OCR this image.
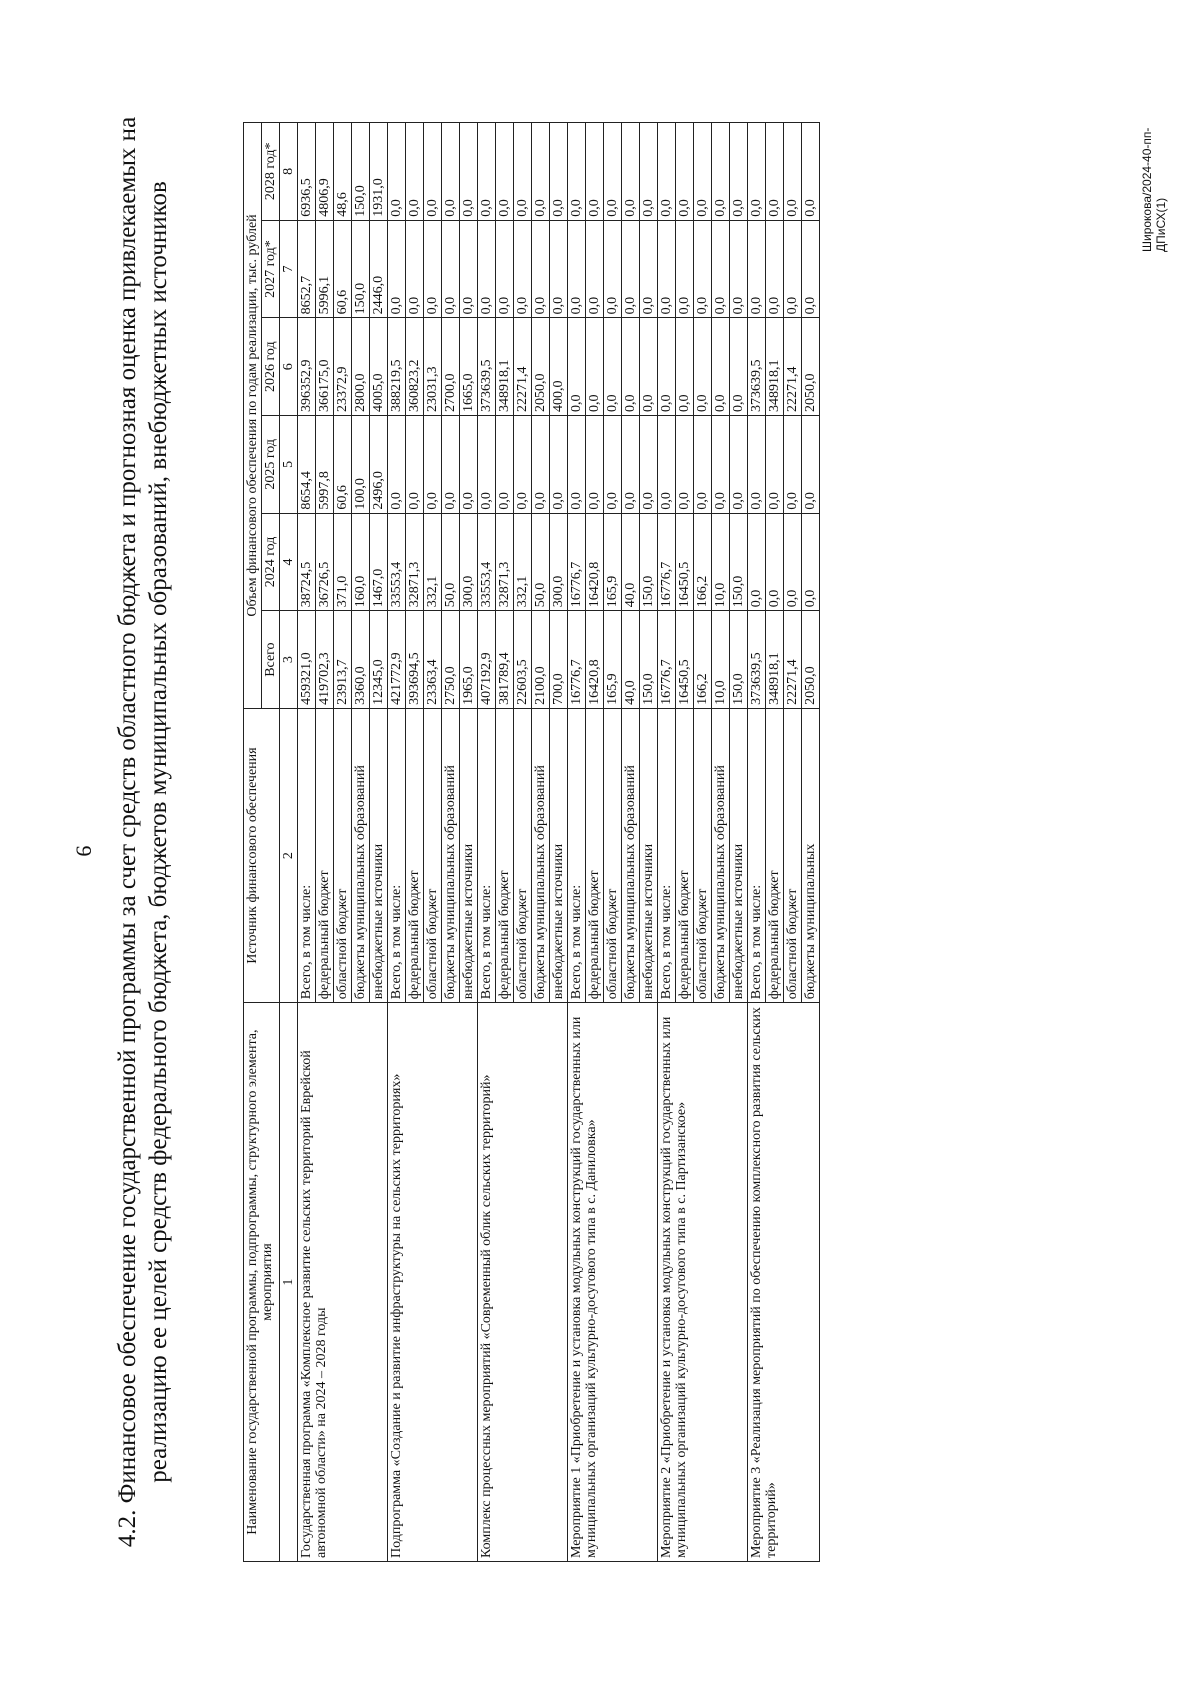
9 4.2. Финансовое обеспечение государственной программы за счет средств областного бюджета и прогнозная оценка привлекаемых на реализацию ее целей средств федерального бюджета, бюджетов муниципальных образований, внебюджетных источников	Наименование государственной программы, подпрограммы, структурного элемента, мероприятия	Источник финансового обеспечения	Объем финансового обеспечения по годам реализации, тыс. рублей					
		Всего	2024 год	2025 год	2026 год	2027 год*	2028 год*
1	2	3	4	5	6	7	8
Государственная программа «Комплексное развитие сельских территорий Еврейской автономной области» на 2024 – 2028 годы	Всего, в том числе:	459321,0	38724,5	8654,4	396352,9	8652,7	6936,5
	федеральный бюджет	419702,3	36726,5	5997,8	366175,0	5996,1	4806,9
	областной бюджет	23913,7	371,0	60,6	23372,9	60,6	48,6
	бюджеты муниципальных образований	3360,0	160,0	100,0	2800,0	150,0	150,0
	внебюджетные источники	12345,0	1467,0	2496,0	4005,0	2446,0	1931,0
Подпрограмма «Создание и развитие инфраструктуры на сельских территориях»	Всего, в том числе:	421772,9	33553,4	0,0	388219,5	0,0	0,0
	федеральный бюджет	393694,5	32871,3	0,0	360823,2	0,0	0,0
	областной бюджет	23363,4	332,1	0,0	23031,3	0,0	0,0
	бюджеты муниципальных образований	2750,0	50,0	0,0	2700,0	0,0	0,0
	внебюджетные источники	1965,0	300,0	0,0	1665,0	0,0	0,0
Комплекс процессных мероприятий «Современный облик сельских территорий»	Всего, в том числе:	407192,9	33553,4	0,0	373639,5	0,0	0,0
	федеральный бюджет	381789,4	32871,3	0,0	348918,1	0,0	0,0
	областной бюджет	22603,5	332,1	0,0	22271,4	0,0	0,0
	бюджеты муниципальных образований	2100,0	50,0	0,0	2050,0	0,0	0,0
	внебюджетные источники	700,0	300,0	0,0	400,0	0,0	0,0
Мероприятие 1 «Приобретение и установка модульных конструкций государственных или муниципальных организаций культурно-досугового типа в с. Даниловка»	Всего, в том числе:	16776,7	16776,7	0,0	0,0	0,0	0,0
	федеральный бюджет	16420,8	16420,8	0,0	0,0	0,0	0,0
	областной бюджет	165,9	165,9	0,0	0,0	0,0	0,0
	бюджеты муниципальных образований	40,0	40,0	0,0	0,0	0,0	0,0
	внебюджетные источники	150,0	150,0	0,0	0,0	0,0	0,0
Мероприятие 2 «Приобретение и установка модульных конструкций государственных или муниципальных организаций культурно-досугового типа в с. Партизанское»	Всего, в том числе:	16776,7	16776,7	0,0	0,0	0,0	0,0
	федеральный бюджет	16450,5	16450,5	0,0	0,0	0,0	0,0
	областной бюджет	166,2	166,2	0,0	0,0	0,0	0,0
	бюджеты муниципальных образований	10,0	10,0	0,0	0,0	0,0	0,0
	внебюджетные источники	150,0	150,0	0,0	0,0	0,0	0,0
Мероприятие 3 «Реализация мероприятий по обеспечению комплексного развития сельских территорий»	Всего, в том числе:	373639,5	0,0	0,0	373639,5	0,0	0,0
	федеральный бюджет	348918,1	0,0	0,0	348918,1	0,0	0,0
	областной бюджет	22271,4	0,0	0,0	22271,4	0,0	0,0
	бюджеты муниципальных	2050,0	0,0	0,0	2050,0	0,0	0,0	Широкова/2024-40-пп-ДПиСХ(1)
